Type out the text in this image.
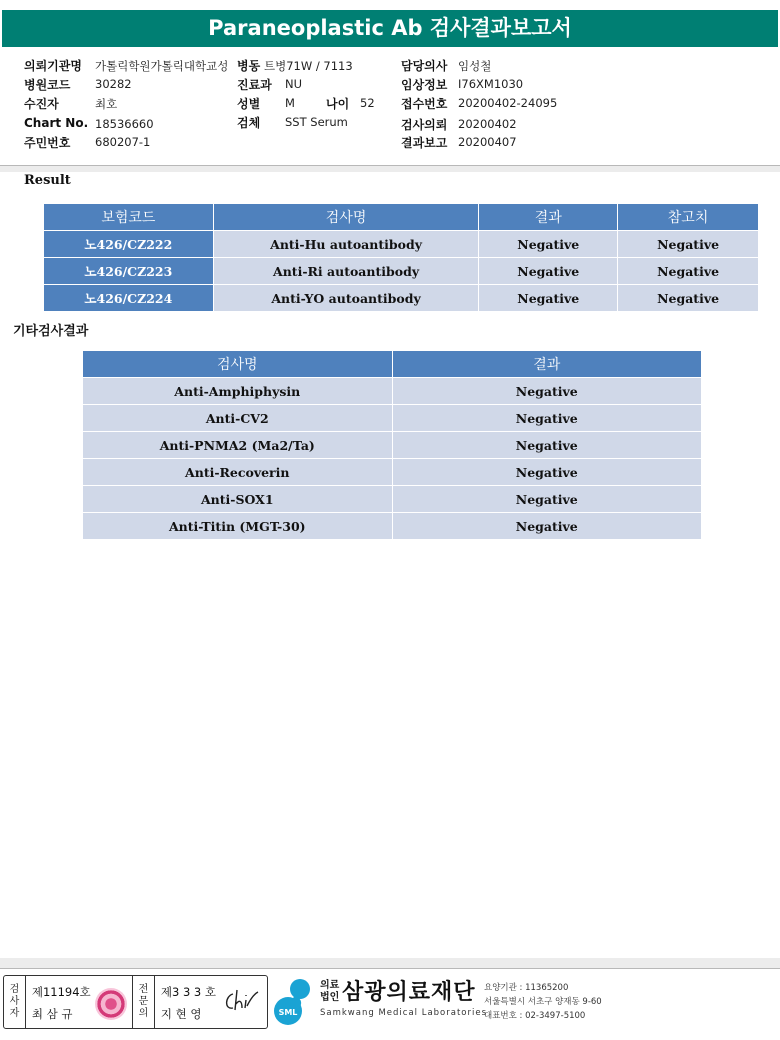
Paraneoplastic Ab 검사결과보고서
의뢰기관명 가톨릭학원가톨릭대학교성 병동 트병71W / 7113	담당의사 임성철
병원코드 30282	진료과 NU	임상정보 I76XM1030
수진자	최호	성별 M	나이 52 접수번호 20200402-24095
Chart No. 18536660	검체 SST Serum	검사의뢰 20200402
주민번호 680207-1	결과보고 20200407
Result
보험코드	검사명	결과	참고치
노426/CZ222	Anti-Hu autoantibody	Negative	Negative
노426/CZ223	Anti-Ri autoantibody	Negative	Negative
노426/CZ224	Anti-YO autoantibody	Negative	Negative
기타검사결과
검사명	결과
Anti-Amphiphysin	Negative
Anti-CV2	Negative
Anti-PNMA2 (Ma2/Ta)	Negative
Anti-Recoverin	Negative
Anti-SOX1	Negative
Anti-Titin (MGT-30)	Negative
검
사
자
제11194호
최 삼 규
전
문
의
제3 3 3 호
지 현 영	SML
의료
법인 삼광의료재단
Samkwang Medical Laboratories
요양기관 : 11365200
서울특별시 서초구 양재동 9-60
대표번호 : 02-3497-5100
